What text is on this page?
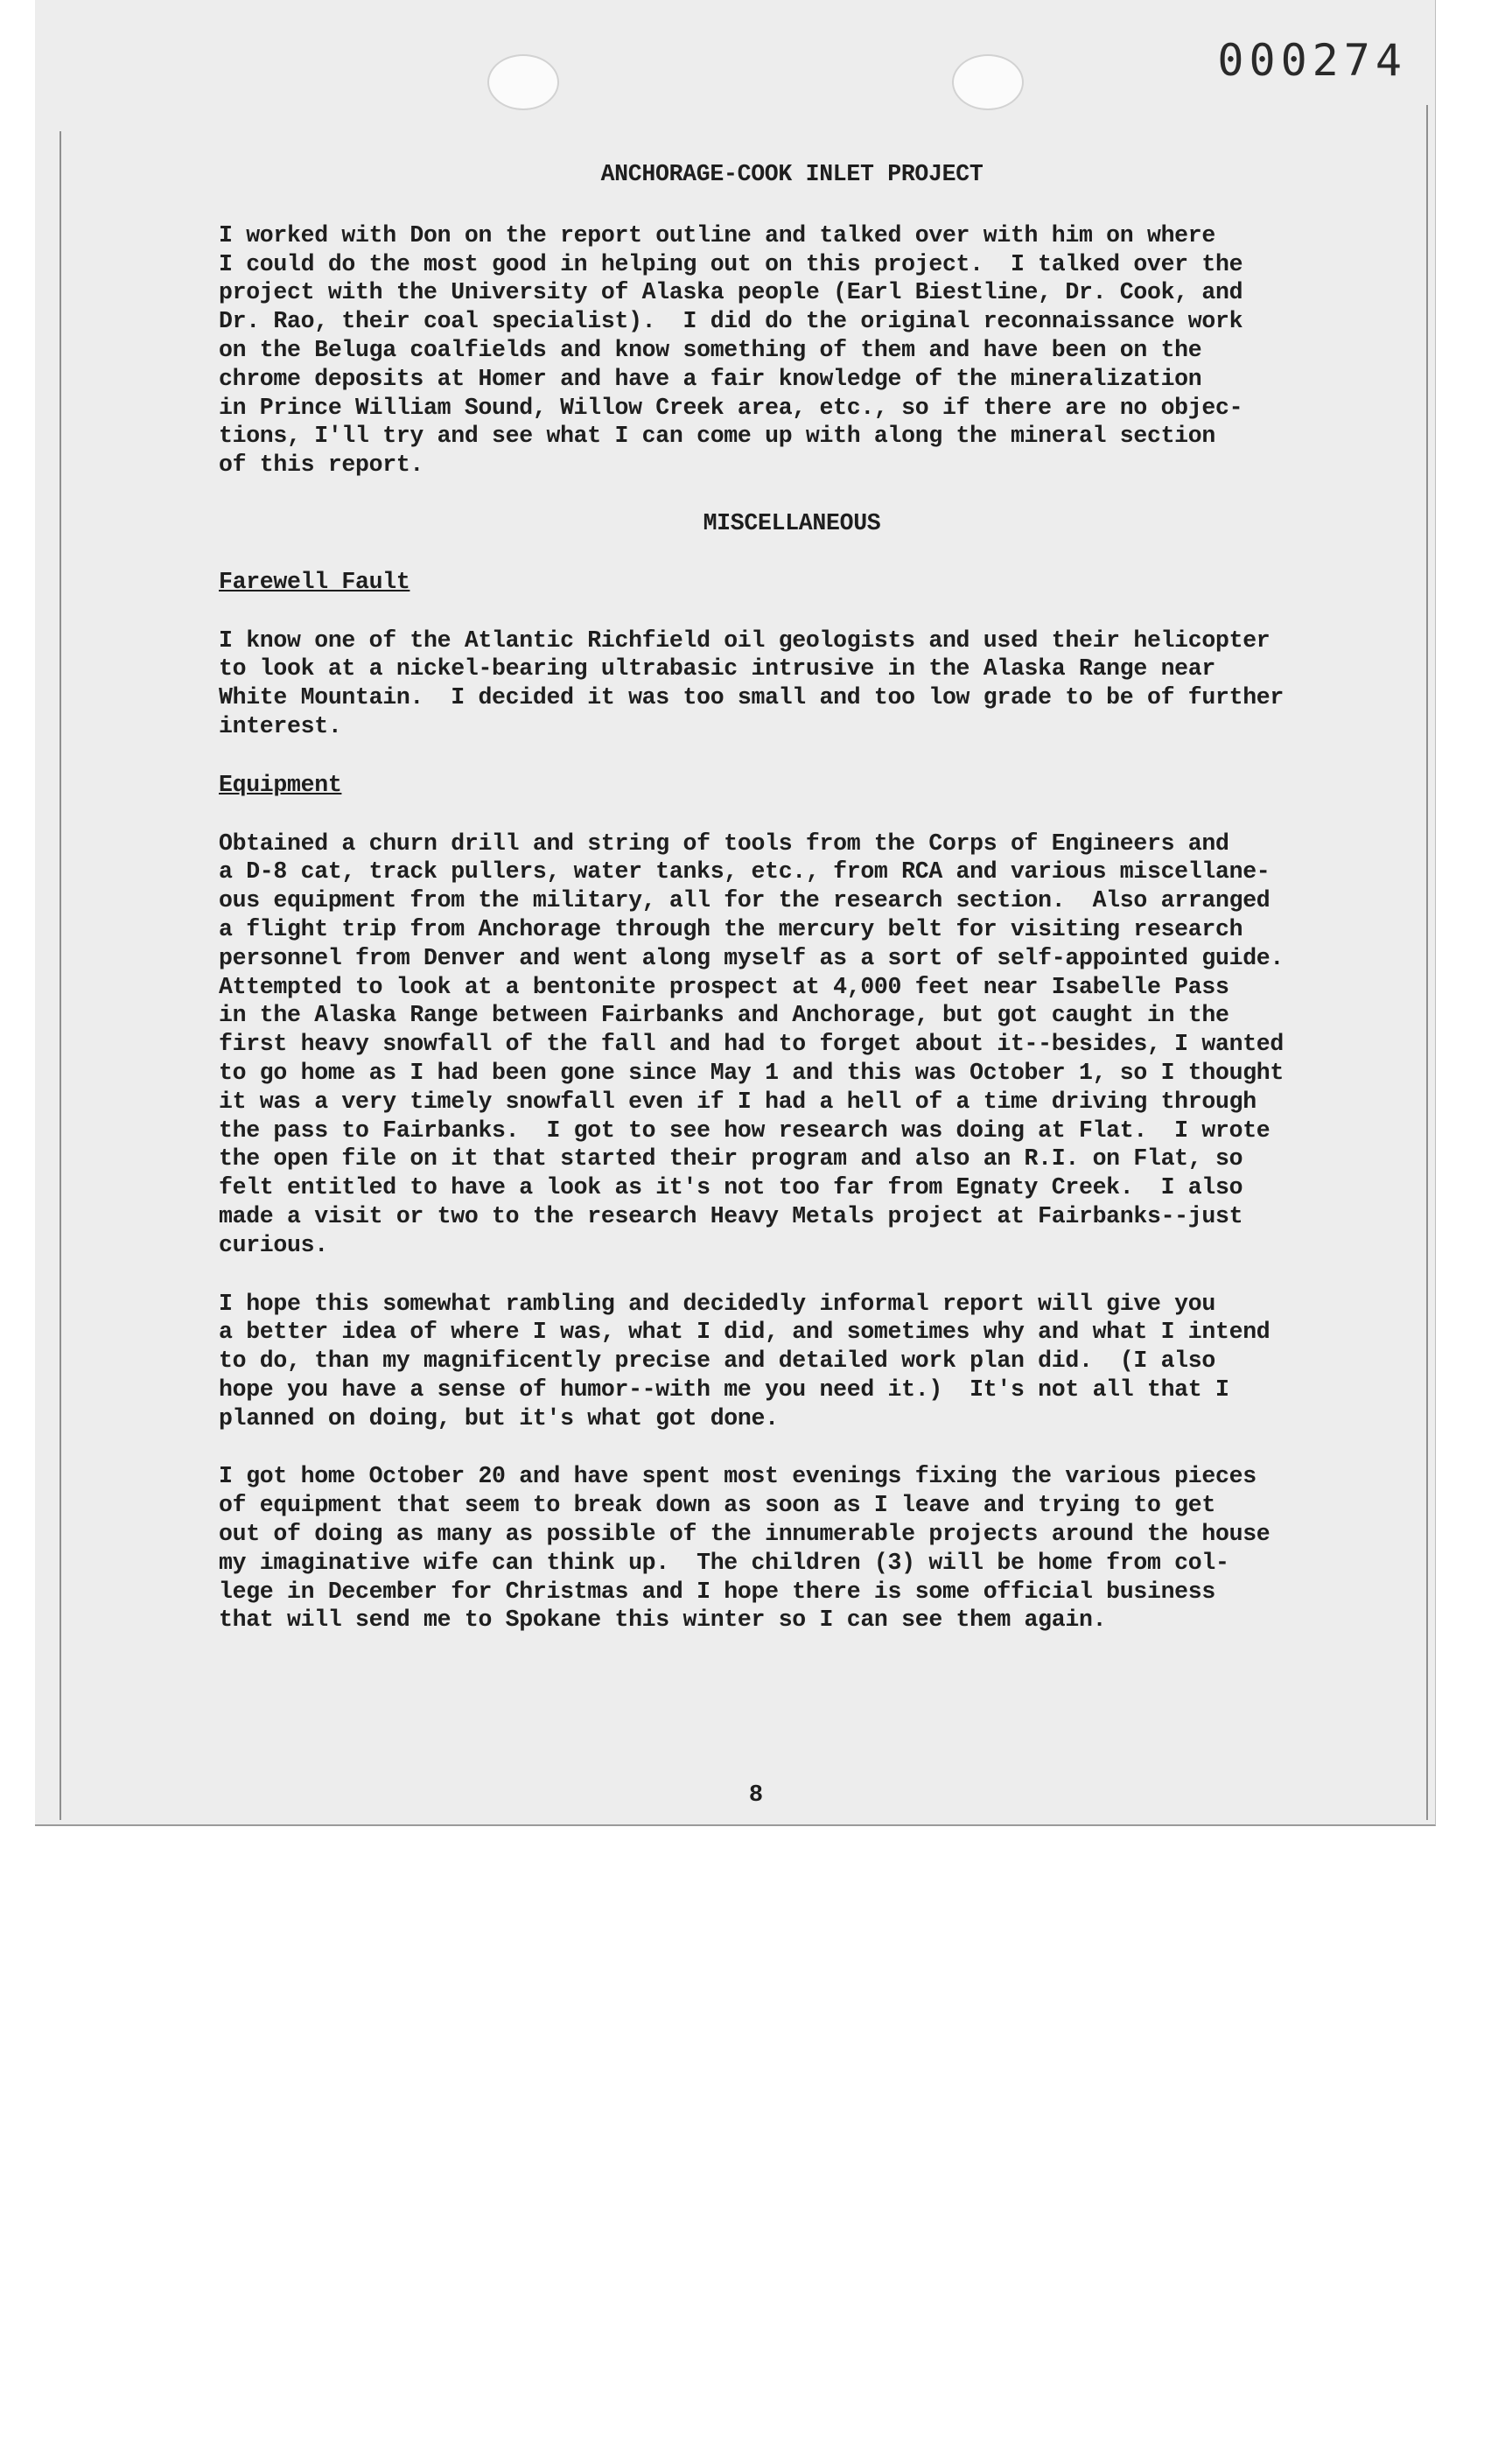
000274
ANCHORAGE-COOK INLET PROJECT
I worked with Don on the report outline and talked over with him on where
I could do the most good in helping out on this project.  I talked over the
project with the University of Alaska people (Earl Biestline, Dr. Cook, and
Dr. Rao, their coal specialist).  I did do the original reconnaissance work
on the Beluga coalfields and know something of them and have been on the
chrome deposits at Homer and have a fair knowledge of the mineralization
in Prince William Sound, Willow Creek area, etc., so if there are no objec-
tions, I'll try and see what I can come up with along the mineral section
of this report.
MISCELLANEOUS
Farewell Fault
I know one of the Atlantic Richfield oil geologists and used their helicopter
to look at a nickel-bearing ultrabasic intrusive in the Alaska Range near
White Mountain.  I decided it was too small and too low grade to be of further
interest.
Equipment
Obtained a churn drill and string of tools from the Corps of Engineers and
a D-8 cat, track pullers, water tanks, etc., from RCA and various miscellane-
ous equipment from the military, all for the research section.  Also arranged
a flight trip from Anchorage through the mercury belt for visiting research
personnel from Denver and went along myself as a sort of self-appointed guide.
Attempted to look at a bentonite prospect at 4,000 feet near Isabelle Pass
in the Alaska Range between Fairbanks and Anchorage, but got caught in the
first heavy snowfall of the fall and had to forget about it--besides, I wanted
to go home as I had been gone since May 1 and this was October 1, so I thought
it was a very timely snowfall even if I had a hell of a time driving through
the pass to Fairbanks.  I got to see how research was doing at Flat.  I wrote
the open file on it that started their program and also an R.I. on Flat, so
felt entitled to have a look as it's not too far from Egnaty Creek.  I also
made a visit or two to the research Heavy Metals project at Fairbanks--just
curious.
I hope this somewhat rambling and decidedly informal report will give you
a better idea of where I was, what I did, and sometimes why and what I intend
to do, than my magnificently precise and detailed work plan did.  (I also
hope you have a sense of humor--with me you need it.)  It's not all that I
planned on doing, but it's what got done.
I got home October 20 and have spent most evenings fixing the various pieces
of equipment that seem to break down as soon as I leave and trying to get
out of doing as many as possible of the innumerable projects around the house
my imaginative wife can think up.  The children (3) will be home from col-
lege in December for Christmas and I hope there is some official business
that will send me to Spokane this winter so I can see them again.
8
